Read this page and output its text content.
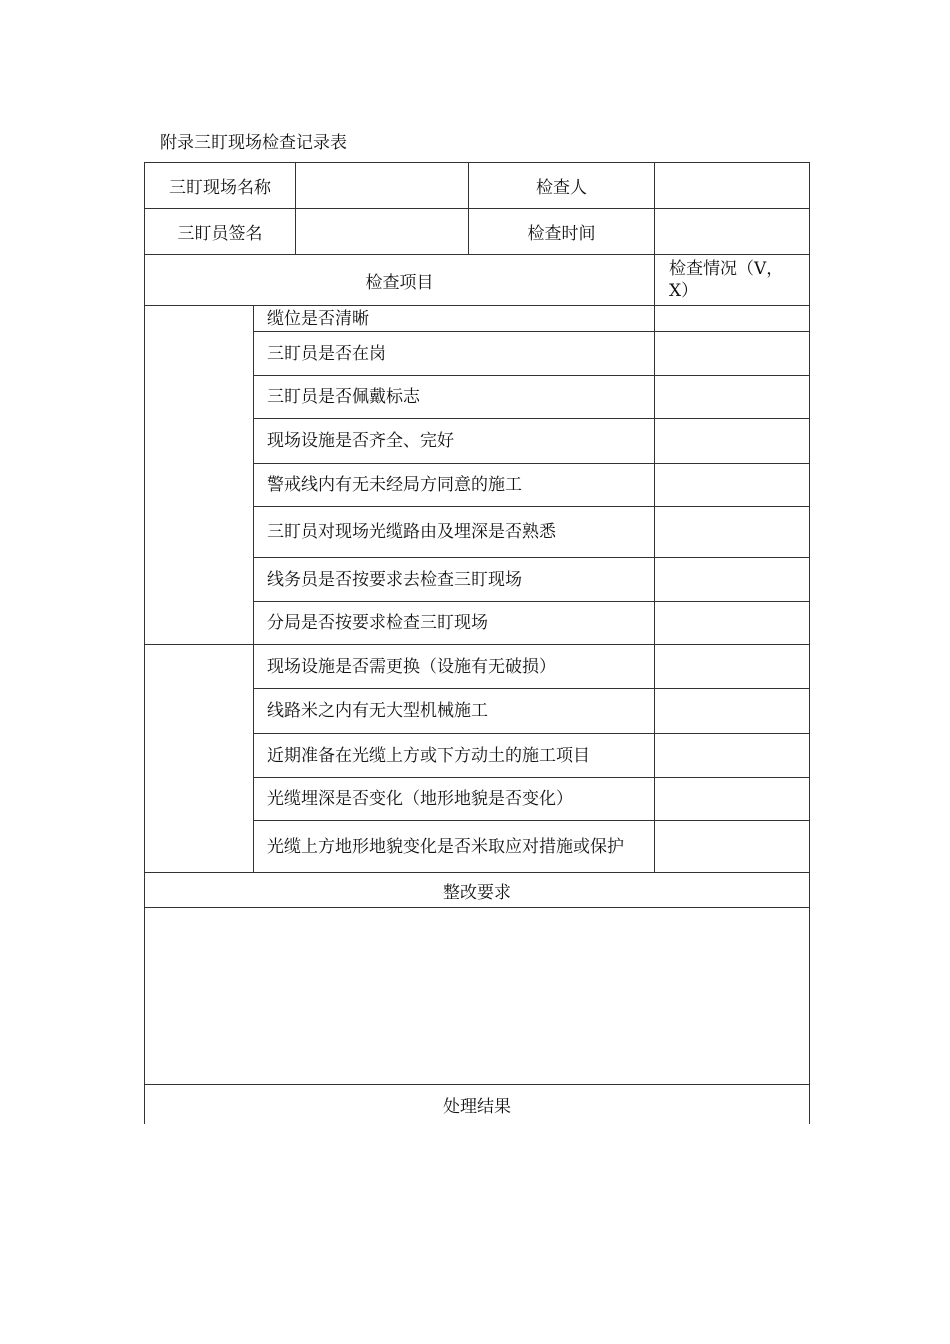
附录三盯现场检查记录表
三盯现场名称	检查人
三盯员签名	检查时间
检查项目
检查情况（V，X）
缆位是否清晰
三盯员是否在岗
三盯员是否佩戴标志
现场设施是否齐全、完好
警戒线内有无未经局方同意的施工
三盯员对现场光缆路由及埋深是否熟悉
线务员是否按要求去检查三盯现场
分局是否按要求检查三盯现场
现场设施是否需更换（设施有无破损）
线路米之内有无大型机械施工
近期准备在光缆上方或下方动土的施工项目
光缆埋深是否变化（地形地貌是否变化）
光缆上方地形地貌变化是否米取应对措施或保护
整改要求
处理结果
